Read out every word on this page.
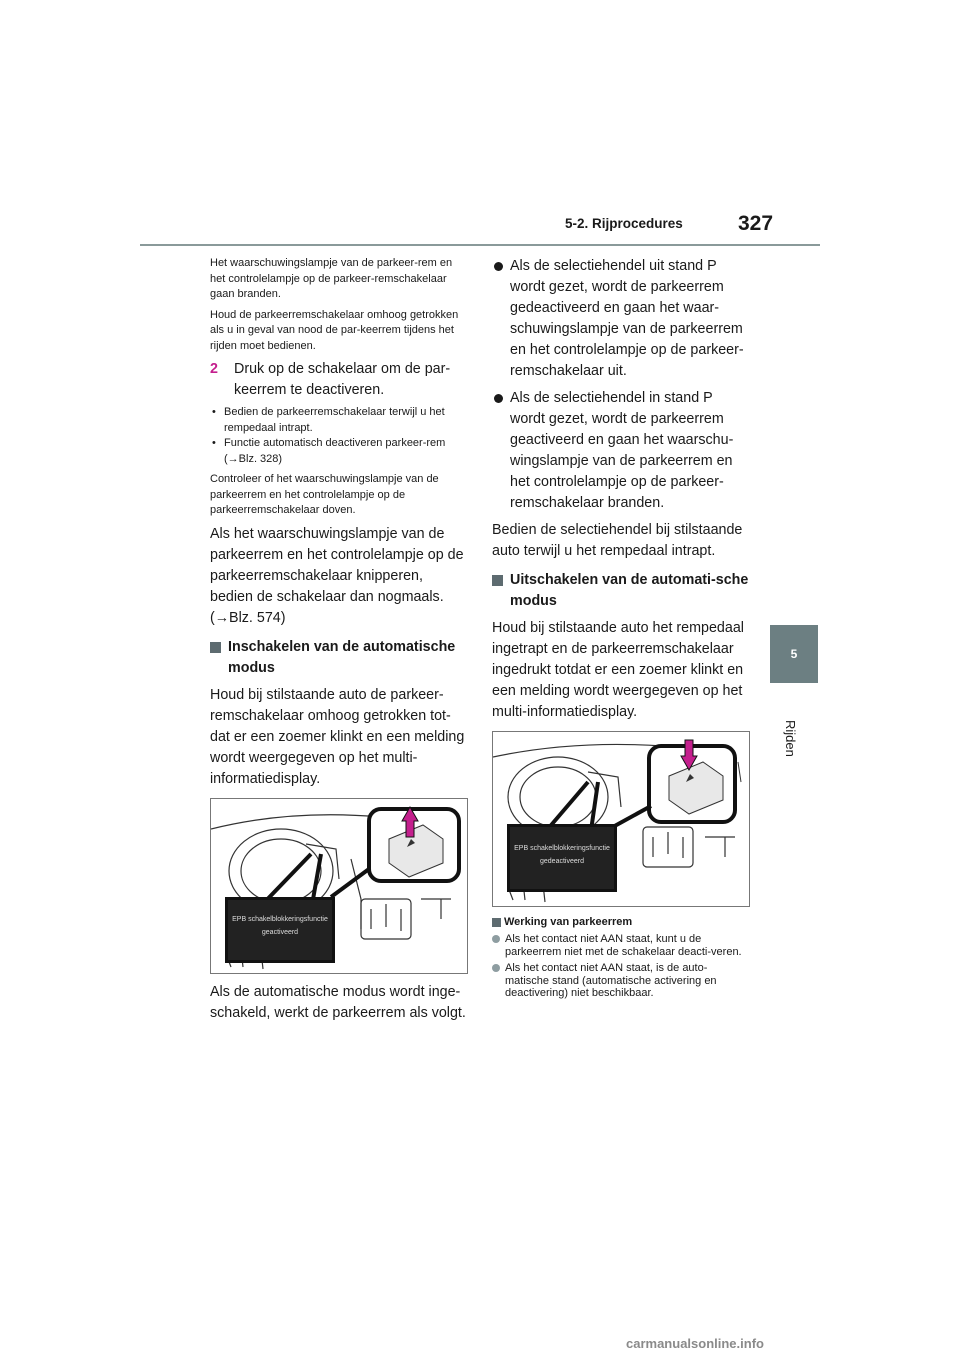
5-2. Rijprocedures	327
5
Rijden

Het waarschuwingslampje van de parkeer-rem en het controlelampje op de parkeer-remschakelaar gaan branden.

Houd de parkeerremschakelaar omhoog getrokken als u in geval van nood de par-keerrem tijdens het rijden moet bedienen.

2 Druk op de schakelaar om de par-keerrem te deactiveren.
• Bedien de parkeerremschakelaar terwijl u het rempedaal intrapt.
• Functie automatisch deactiveren parkeer-rem (→Blz. 328)

Controleer of het waarschuwingslampje van de parkeerrem en het controlelampje op de parkeerremschakelaar doven.

Als het waarschuwingslampje van de parkeerrem en het controlelampje op de parkeerremschakelaar knipperen, bedien de schakelaar dan nogmaals. (→Blz. 574)

Inschakelen van de automatische modus

Houd bij stilstaande auto de parkeer-remschakelaar omhoog getrokken tot-dat er een zoemer klinkt en een melding wordt weergegeven op het multi-informatiedisplay.

EPB schakelblokkeringsfunctie
geactiveerd

Als de automatische modus wordt inge-schakeld, werkt de parkeerrem als volgt.

Als de selectiehendel uit stand P wordt gezet, wordt de parkeerrem gedeactiveerd en gaan het waar-schuwingslampje van de parkeerrem en het controlelampje op de parkeer-remschakelaar uit.
Als de selectiehendel in stand P wordt gezet, wordt de parkeerrem geactiveerd en gaan het waarschu-wingslampje van de parkeerrem en het controlelampje op de parkeer-remschakelaar branden.

Bedien de selectiehendel bij stilstaande auto terwijl u het rempedaal intrapt.

Uitschakelen van de automati-sche modus

Houd bij stilstaande auto het rempedaal ingetrapt en de parkeerremschakelaar ingedrukt totdat er een zoemer klinkt en een melding wordt weergegeven op het multi-informatiedisplay.

EPB schakelblokkeringsfunctie
gedeactiveerd
Werking van parkeerrem
Als het contact niet AAN staat, kunt u de parkeerrem niet met de schakelaar deacti-veren.
Als het contact niet AAN staat, is de auto-matische stand (automatische activering en deactivering) niet beschikbaar.
carmanualsonline.info
